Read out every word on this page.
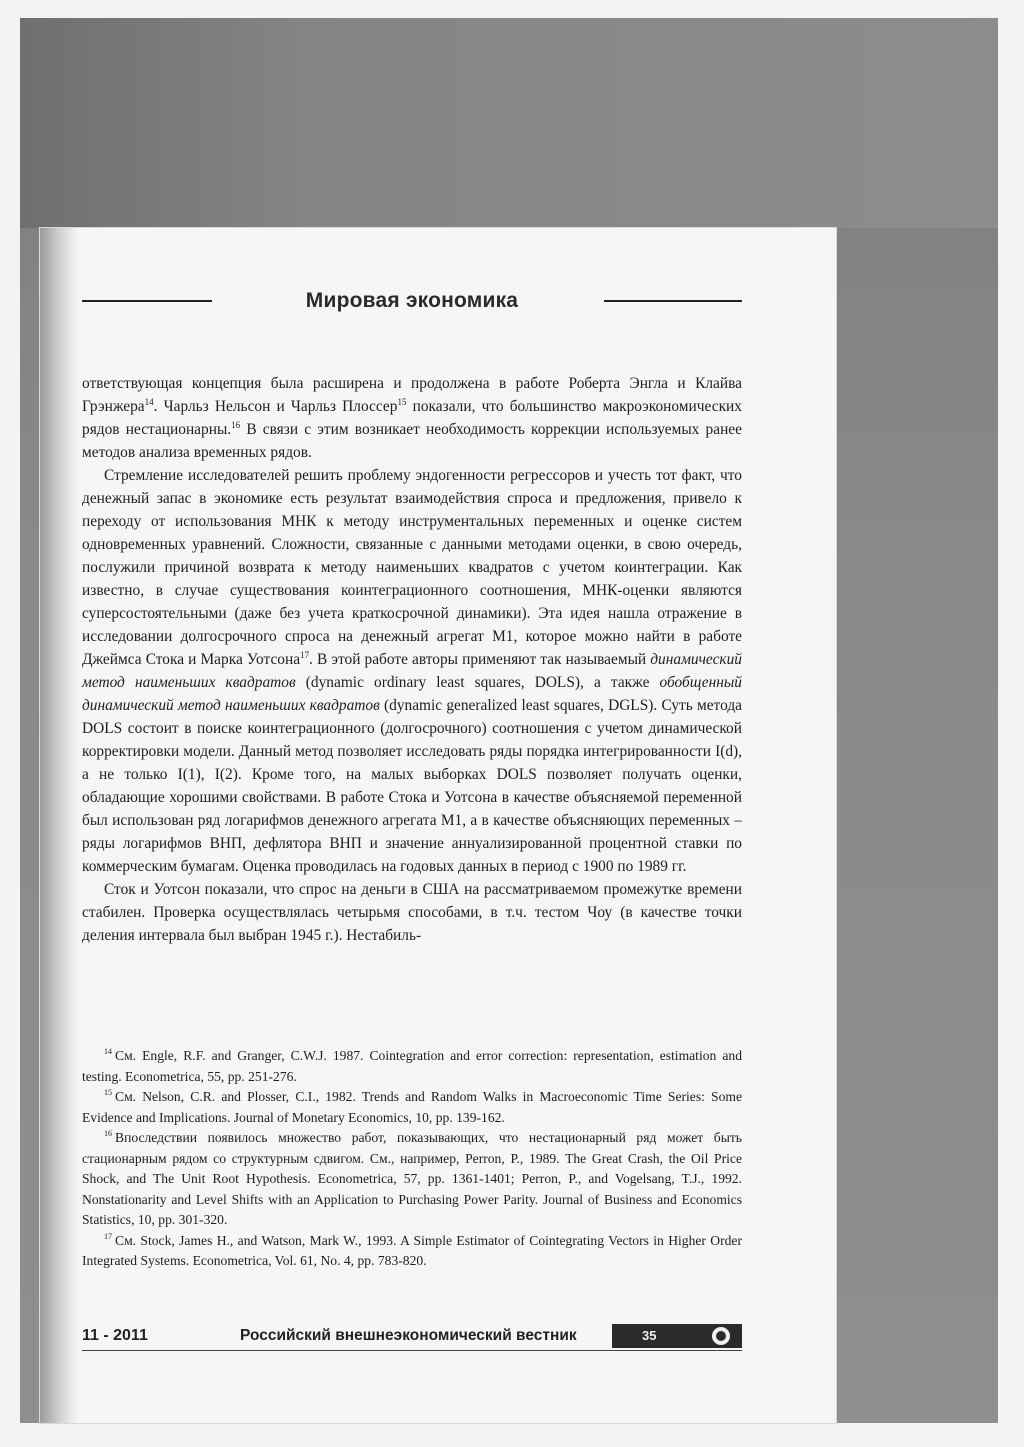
Мировая экономика

ответствующая концепция была расширена и продолжена в работе Роберта Энгла и Клайва Грэнжера$^{14}$. Чарльз Нельсон и Чарльз Плоссер$^{15}$ показали, что большинство макроэкономических рядов нестационарны.$^{16}$ В связи с этим возникает необходимость коррекции используемых ранее методов анализа временных рядов.

Стремление исследователей решить проблему эндогенности регрессоров и учесть тот факт, что денежный запас в экономике есть результат взаимодействия спроса и предложения, привело к переходу от использования МНК к методу инструментальных переменных и оценке систем одновременных уравнений. Сложности, связанные с данными методами оценки, в свою очередь, послужили причиной возврата к методу наименьших квадратов с учетом коинтеграции. Как известно, в случае существования коинтеграционного соотношения, МНК-оценки являются суперсостоятельными (даже без учета краткосрочной динамики). Эта идея нашла отражение в исследовании долгосрочного спроса на денежный агрегат М1, которое можно найти в работе Джеймса Стока и Марка Уотсона$^{17}$. В этой работе авторы применяют так называемый динамический метод наименьших квадратов (dynamic ordinary least squares, DOLS), а также обобщенный динамический метод наименьших квадратов (dynamic generalized least squares, DGLS). Суть метода DOLS состоит в поиске коинтеграционного (долгосрочного) соотношения с учетом динамической корректировки модели. Данный метод позволяет исследовать ряды порядка интегрированности I(d), а не только I(1), I(2). Кроме того, на малых выборках DOLS позволяет получать оценки, обладающие хорошими свойствами. В работе Стока и Уотсона в качестве объясняемой переменной был использован ряд логарифмов денежного агрегата М1, а в качестве объясняющих переменных – ряды логарифмов ВНП, дефлятора ВНП и значение аннуализированной процентной ставки по коммерческим бумагам. Оценка проводилась на годовых данных в период с 1900 по 1989 гг.

Сток и Уотсон показали, что спрос на деньги в США на рассматриваемом промежутке времени стабилен. Проверка осуществлялась четырьмя способами, в т.ч. тестом Чоу (в качестве точки деления интервала был выбран 1945 г.). Нестабиль-

$^{14}$ См. Engle, R.F. and Granger, C.W.J. 1987. Cointegration and error correction: representation, estimation and testing. Econometrica, 55, pp. 251-276.

$^{15}$ См. Nelson, C.R. and Plosser, C.I., 1982. Trends and Random Walks in Macroeconomic Time Series: Some Evidence and Implications. Journal of Monetary Economics, 10, pp. 139-162.

$^{16}$ Впоследствии появилось множество работ, показывающих, что нестационарный ряд может быть стационарным рядом со структурным сдвигом. См., например, Perron, P., 1989. The Great Crash, the Oil Price Shock, and The Unit Root Hypothesis. Econometrica, 57, pp. 1361-1401; Perron, P., and Vogelsang, T.J., 1992. Nonstationarity and Level Shifts with an Application to Purchasing Power Parity. Journal of Business and Economics Statistics, 10, pp. 301-320.

$^{17}$ См. Stock, James H., and Watson, Mark W., 1993. A Simple Estimator of Cointegrating Vectors in Higher Order Integrated Systems. Econometrica, Vol. 61, No. 4, pp. 783-820.

11 - 2011	Российский внешнеэкономический вестник	35
